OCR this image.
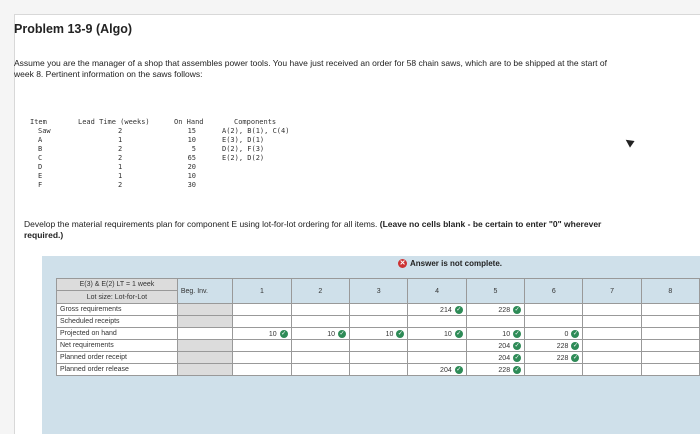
Problem 13-9 (Algo)
Assume you are the manager of a shop that assembles power tools. You have just received an order for 58 chain saws, which are to be shipped at the start of week 8. Pertinent information on the saws follows:
Item	Lead Time (weeks)	On Hand	Components
Saw	2	15	A(2), B(1), C(4)
A	1	10	E(3), D(1)
B	2	5	D(2), F(3)
C	2	65	E(2), D(2)
D	1	20
E	1	10
F	2	30
Develop the material requirements plan for component E using lot-for-lot ordering for all items. (Leave no cells blank - be certain to enter "0" wherever required.)
✕ Answer is not complete.
E(3) & E(2) LT = 1 week	Beg. Inv.	1	2	3	4	5	6	7	8
Lot size: Lot-for-Lot									
Gross requirements					214 ✓	228 ✓			
Scheduled receipts									
Projected on hand		10 ✓	10 ✓	10 ✓	10 ✓	10 ✓	0 ✓		
Net requirements						204 ✓	228 ✓		
Planned order receipt						204 ✓	228 ✓		
Planned order release					204 ✓	228 ✓			
